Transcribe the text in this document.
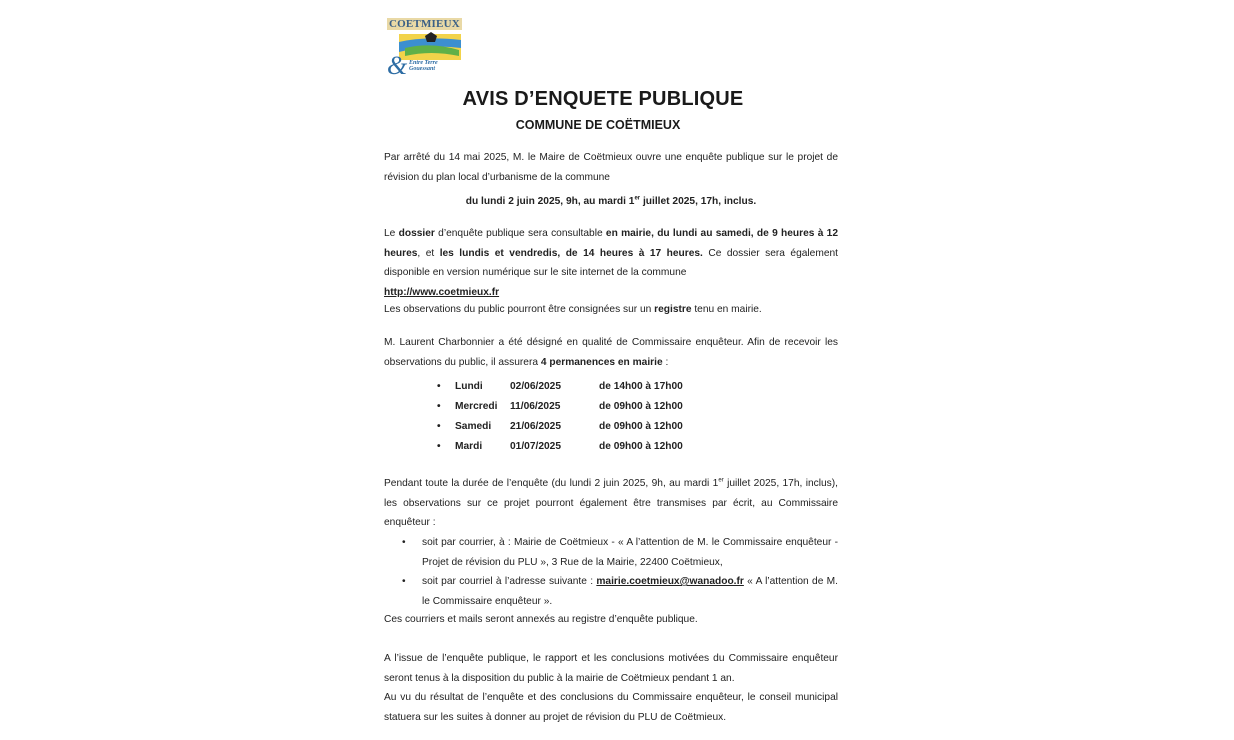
COETMIEUX
& Entre Terre
Gouessant
AVIS D’ENQUETE PUBLIQUE
COMMUNE DE COËTMIEUX
Par arrêté du 14 mai 2025, M. le Maire de Coëtmieux ouvre une enquête publique sur le projet de révision du plan local d’urbanisme de la commune
du lundi 2 juin 2025, 9h, au mardi 1er juillet 2025, 17h, inclus.
Le dossier d’enquête publique sera consultable en mairie, du lundi au samedi, de 9 heures à 12 heures, et les lundis et vendredis, de 14 heures à 17 heures. Ce dossier sera également disponible en version numérique sur le site internet de la commune
http://www.coetmieux.fr
Les observations du public pourront être consignées sur un registre tenu en mairie.
M. Laurent Charbonnier a été désigné en qualité de Commissaire enquêteur. Afin de recevoir les observations du public, il assurera 4 permanences en mairie :
•	Lundi	02/06/2025	de 14h00 à 17h00
•	Mercredi	11/06/2025	de 09h00 à 12h00
•	Samedi	21/06/2025	de 09h00 à 12h00
•	Mardi	01/07/2025	de 09h00 à 12h00
Pendant toute la durée de l’enquête (du lundi 2 juin 2025, 9h, au mardi 1er juillet 2025, 17h, inclus), les observations sur ce projet pourront également être transmises par écrit, au Commissaire enquêteur :
• soit par courrier, à : Mairie de Coëtmieux - « A l’attention de M. le Commissaire enquêteur - Projet de révision du PLU », 3 Rue de la Mairie, 22400 Coëtmieux,
• soit par courriel à l’adresse suivante : mairie.coetmieux@wanadoo.fr « A l’attention de M. le Commissaire enquêteur ».
Ces courriers et mails seront annexés au registre d’enquête publique.
A l’issue de l’enquête publique, le rapport et les conclusions motivées du Commissaire enquêteur seront tenus à la disposition du public à la mairie de Coëtmieux pendant 1 an.
Au vu du résultat de l’enquête et des conclusions du Commissaire enquêteur, le conseil municipal statuera sur les suites à donner au projet de révision du PLU de Coëtmieux.
